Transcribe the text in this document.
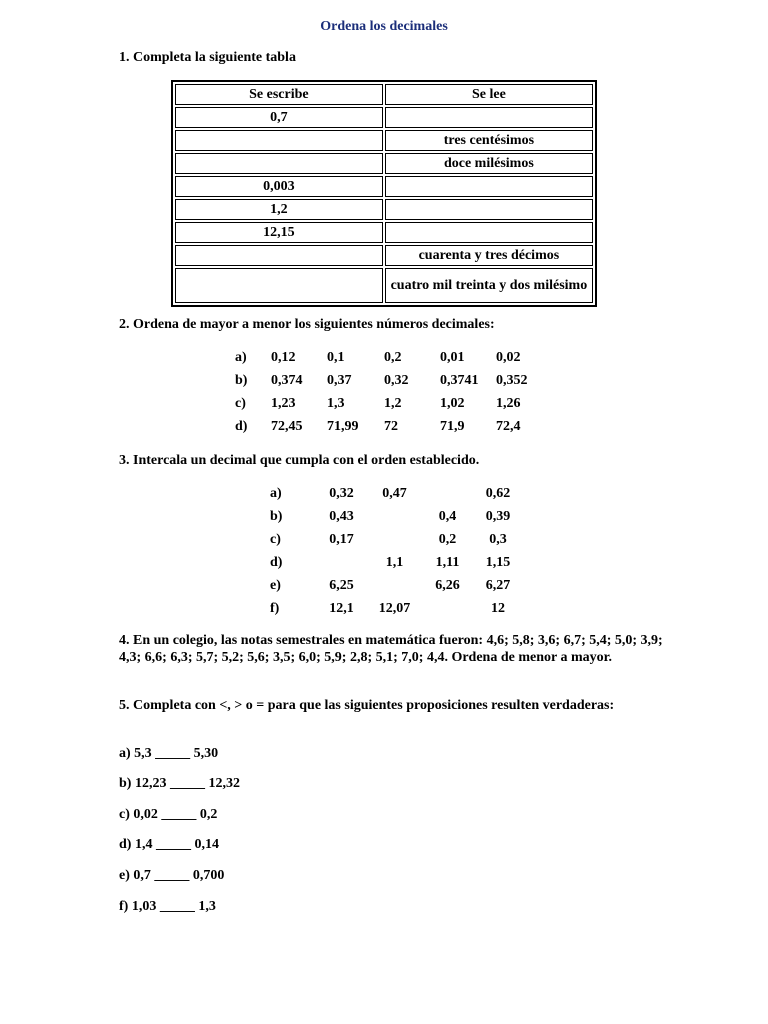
Ordena los decimales
1. Completa la siguiente tabla
Se escribe	Se lee
0,7	
	tres centésimos
	doce milésimos
0,003	
1,2	
12,15	
	cuarenta y tres décimos
	cuatro mil treinta y dos milésimo
2. Ordena de mayor a menor los siguientes números decimales:
a)	0,12	0,1	0,2	0,01	0,02
b)	0,374	0,37	0,32	0,3741	0,352
c)	1,23	1,3	1,2	1,02	1,26
d)	72,45	71,99	72	71,9	72,4
3. Intercala un decimal que cumpla con el orden establecido.
a)	0,32	0,47		0,62
b)	0,43		0,4	0,39
c)	0,17		0,2	0,3
d)		1,1	1,11	1,15
e)	6,25		6,26	6,27
f)	12,1	12,07		12
4. En un colegio, las notas semestrales en matemática fueron: 4,6; 5,8; 3,6; 6,7; 5,4; 5,0; 3,9; 4,3; 6,6; 6,3; 5,7; 5,2; 5,6; 3,5; 6,0; 5,9; 2,8; 5,1; 7,0; 4,4. Ordena de menor a mayor.
5. Completa con <, > o = para que las siguientes proposiciones resulten verdaderas:
a) 5,3 _____ 5,30
b) 12,23 _____ 12,32
c) 0,02 _____ 0,2
d) 1,4 _____ 0,14
e) 0,7 _____ 0,700
f) 1,03 _____ 1,3
